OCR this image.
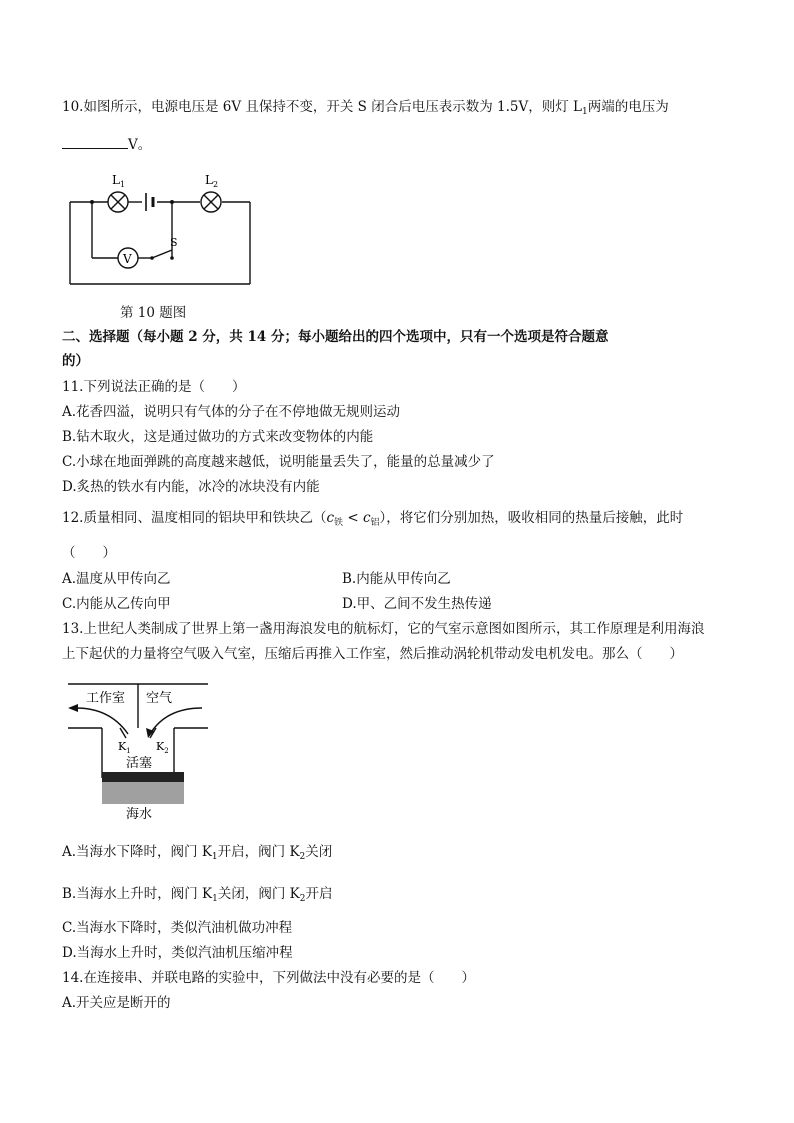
10.如图所示，电源电压是 6V 且保持不变，开关 S 闭合后电压表示数为 1.5V，则灯 $L_1$两端的电压为
V。
$L_1$	$L_2$
V
S
第 10 题图
二、选择题（每小题 2 分，共 14 分；每小题给出的四个选项中，只有一个选项是符合题意
的）
11.下列说法正确的是（　　）
A.花香四溢，说明只有气体的分子在不停地做无规则运动
B.钻木取火，这是通过做功的方式来改变物体的内能
C.小球在地面弹跳的高度越来越低，说明能量丢失了，能量的总量减少了
D.炙热的铁水有内能，冰冷的冰块没有内能
12.质量相同、温度相同的铝块甲和铁块乙$(c_铁 < c_铝)$，将它们分别加热，吸收相同的热量后接触，此时
（　　）
A.温度从甲传向乙	B.内能从甲传向乙
C.内能从乙传向甲	D.甲、乙间不发生热传递
13.上世纪人类制成了世界上第一盏用海浪发电的航标灯，它的气室示意图如图所示，其工作原理是利用海浪
上下起伏的力量将空气吸入气室，压缩后再推入工作室，然后推动涡轮机带动发电机发电。那么（　　）
工作室 空气
$K_1$ $K_2$
活塞
海水
A.当海水下降时，阀门 $K_1$开启，阀门 $K_2$关闭
B.当海水上升时，阀门 $K_1$关闭，阀门 $K_2$开启
C.当海水下降时，类似汽油机做功冲程
D.当海水上升时，类似汽油机压缩冲程
14.在连接串、并联电路的实验中，下列做法中没有必要的是（　　）
A.开关应是断开的
